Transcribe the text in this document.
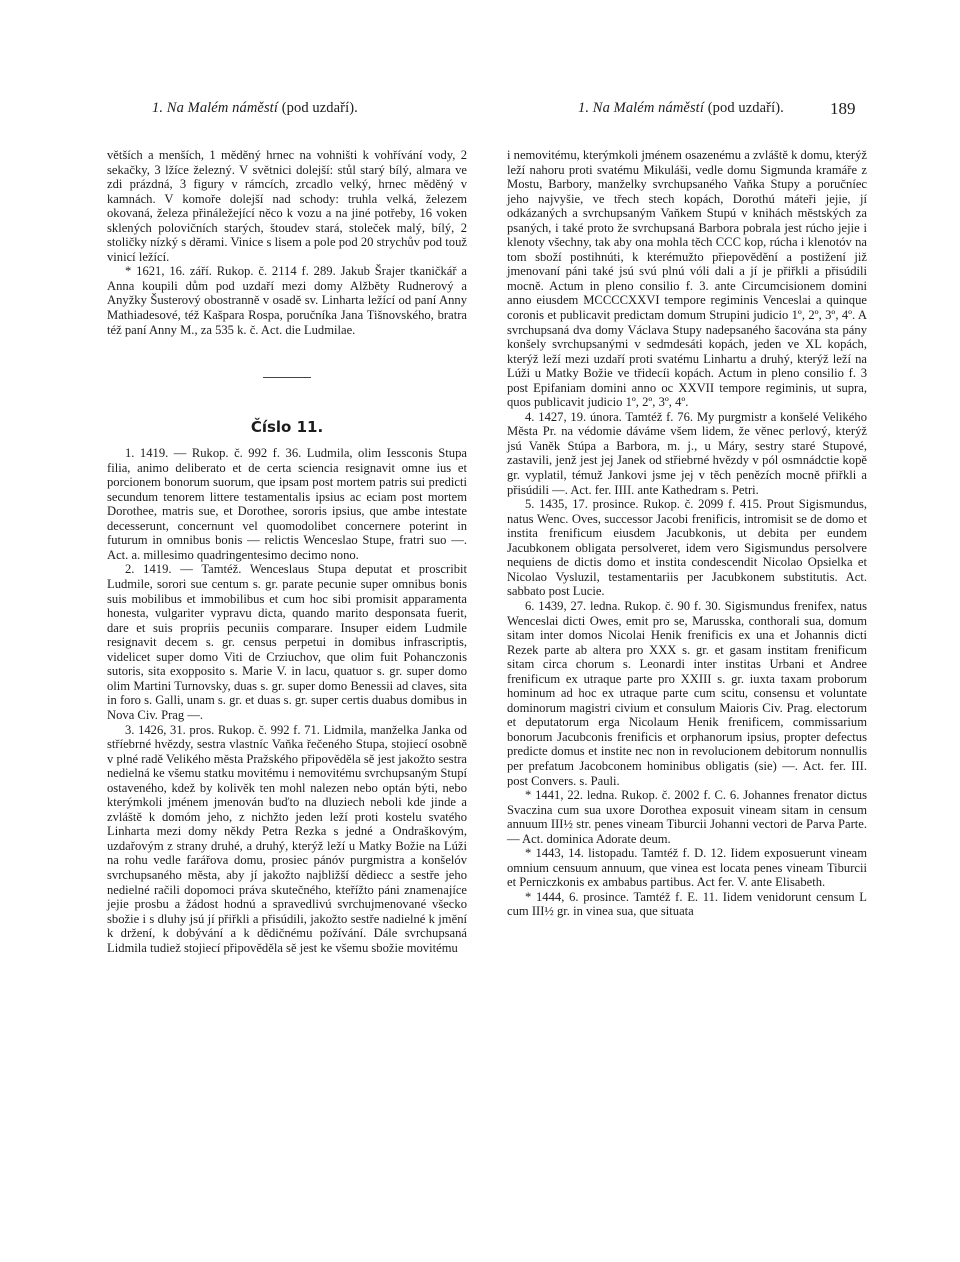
1. Na Malém náměstí (pod uzdaří).	1. Na Malém náměstí (pod uzdaří).	189

větších a menších, 1 měděný hrnec na vohništi k vohřívání vody, 2 sekačky, 3 lžíce železný. V světnici dolejší: stůl starý bílý, almara ve zdi prázdná, 3 figury v rámcích, zrcadlo velký, hrnec měděný v kamnách. V komoře dolejší nad schody: truhla velká, železem okovaná, železa přináležející něco k vozu a na jiné potřeby, 16 voken sklených polovičních starých, štoudev stará, stoleček malý, bílý, 2 stoličky nízký s děrami. Vinice s lisem a pole pod 20 strychův pod touž vinicí ležící.

* 1621, 16. září. Rukop. č. 2114 f. 289. Jakub Šrajer tkaničkář a Anna koupili dům pod uzdaří mezi domy Alžběty Rudnerový a Anyžky Šusterový obostranně v osadě sv. Linharta ležící od paní Anny Mathiadesové, též Kašpara Rospa, poručníka Jana Tišnovského, bratra též paní Anny M., za 535 k. č. Act. die Ludmilae.

Číslo 11.

1. 1419. — Rukop. č. 992 f. 36. Ludmila, olim Iessconis Stupa filia, animo deliberato et de certa sciencia resignavit omne ius et porcionem bonorum suorum, que ipsam post mortem patris sui predicti secundum tenorem littere testamentalis ipsius ac eciam post mortem Dorothee, matris sue, et Dorothee, sororis ipsius, que ambe intestate decesserunt, concernunt vel quomodolibet concernere poterint in futurum in omnibus bonis — relictis Wenceslao Stupe, fratri suo —. Act. a. millesimo quadringentesimo decimo nono.

2. 1419. — Tamtéž. Wenceslaus Stupa deputat et proscribit Ludmile, sorori sue centum s. gr. parate pecunie super omnibus bonis suis mobilibus et immobilibus et cum hoc sibi promisit apparamenta honesta, vulgariter vypravu dicta, quando marito desponsata fuerit, dare et suis propriis pecuniis comparare. Insuper eidem Ludmile resignavit decem s. gr. census perpetui in domibus infrascriptis, videlicet super domo Viti de Crziuchov, que olim fuit Pohanczonis sutoris, sita exopposito s. Marie V. in lacu, quatuor s. gr. super domo olim Martini Turnovsky, duas s. gr. super domo Benessii ad claves, sita in foro s. Galli, unam s. gr. et duas s. gr. super certis duabus domibus in Nova Civ. Prag —.

3. 1426, 31. pros. Rukop. č. 992 f. 71. Lidmila, manželka Janka od stříebrné hvězdy, sestra vlastníc Vaňka řečeného Stupa, stojiecí osobně v plné radě Velikého města Pražského připověděla sě jest jakožto sestra nedielná ke všemu statku movitému i nemovitému svrchupsaným Stupí ostaveného, kdež by kolivěk ten mohl nalezen nebo optán býti, nebo kterýmkoli jménem jmenován buďto na dluziech neboli kde jinde a zvláště k domóm jeho, z nichžto jeden leží proti kostelu svatého Linharta mezi domy někdy Petra Rezka s jedné a Ondraškovým, uzdařovým z strany druhé, a druhý, kterýž leží u Matky Božie na Lúži na rohu vedle farářova domu, prosiec pánóv purgmistra a konšelóv svrchupsaného města, aby jí jakožto najbližší dědiecc a sestře jeho nedielné račili dopomoci práva skutečného, kteřížto páni znamenajíce jejie prosbu a žádost hodnú a spravedlivú svrchujmenované všecko sbožie i s dluhy jsú jí přiřkli a přisúdili, jakožto sestře nadielné k jmění k držení, k dobývání a k dědičnému požívání. Dále svrchupsaná Lidmila tudiež stojiecí připověděla sě jest ke všemu sbožie movitému

i nemovitému, kterýmkoli jménem osazenému a zvláště k domu, kterýž leží nahoru proti svatému Mikuláši, vedle domu Sigmunda kramáře z Mostu, Barbory, manželky svrchupsaného Vaňka Stupy a poručníec jeho najvyšie, ve třech stech kopách, Dorothú máteři jejie, jí odkázaných a svrchupsaným Vaňkem Stupú v knihách městských za psaných, i také proto že svrchupsaná Barbora pobrala jest rúcho jejie i klenoty všechny, tak aby ona mohla těch CCC kop, rúcha i klenotóv na tom sboží postihnúti, k kterémužto přiepovědění a postižení již jmenovaní páni také jsú svú plnú vóli dali a jí je přiřkli a přisúdili mocně. Actum in pleno consilio f. 3. ante Circumcisionem domini anno eiusdem MCCCCXXVI tempore regiminis Venceslai a quinque coronis et publicavit predictam domum Strupini judicio 1º, 2º, 3º, 4º. A svrchupsaná dva domy Václava Stupy nadepsaného šacována sta pány konšely svrchupsanými v sedmdesáti kopách, jeden ve XL kopách, kterýž leží mezi uzdaří proti svatému Linhartu a druhý, kterýž leží na Lúži u Matky Božie ve třidecíi kopách. Actum in pleno consilio f. 3 post Epifaniam domini anno oc XXVII tempore regiminis, ut supra, quos publicavit judicio 1º, 2º, 3º, 4º.

4. 1427, 19. února. Tamtéž f. 76. My purgmistr a konšelé Velikého Města Pr. na védomie dáváme všem lidem, že věnec perlový, kterýž jsú Vaněk Stúpa a Barbora, m. j., u Máry, sestry staré Stupové, zastavili, jenž jest jej Janek od střiebrné hvězdy v pól osmnádctie kopě gr. vyplatil, témuž Jankovi jsme jej v těch penězích mocně přiřkli a přisúdili —. Act. fer. IIII. ante Kathedram s. Petri.

5. 1435, 17. prosince. Rukop. č. 2099 f. 415. Prout Sigismundus, natus Wenc. Oves, successor Jacobi frenificis, intromisit se de domo et instita frenificum eiusdem Jacubkonis, ut debita per eundem Jacubkonem obligata persolveret, idem vero Sigismundus persolvere nequiens de dictis domo et instita condescendit Nicolao Opsielka et Nicolao Vysluzil, testamentariis per Jacubkonem substitutis. Act. sabbato post Lucie.

6. 1439, 27. ledna. Rukop. č. 90 f. 30. Sigismundus frenifex, natus Wenceslai dicti Owes, emit pro se, Marusska, conthorali sua, domum sitam inter domos Nicolai Henik frenificis ex una et Johannis dicti Rezek parte ab altera pro XXX s. gr. et gasam institam frenificum sitam circa chorum s. Leonardi inter institas Urbani et Andree frenificum ex utraque parte pro XXIII s. gr. iuxta taxam proborum hominum ad hoc ex utraque parte cum scitu, consensu et voluntate dominorum magistri civium et consulum Maioris Civ. Prag. electorum et deputatorum erga Nicolaum Henik frenificem, commissarium bonorum Jacubconis frenificis et orphanorum ipsius, propter defectus predicte domus et institе nec non in revolucionem debitorum nonnullis per prefatum Jacobconem hominibus obligatis (sie) —. Act. fer. III. post Convers. s. Pauli.

* 1441, 22. ledna. Rukop. č. 2002 f. C. 6. Johannes frenator dictus Svaczina cum sua uxore Dorothea exposuit vineam sitam in censum annuum III½ str. penes vineam Tiburcii Johanni vectori de Parva Parte. — Act. dominica Adorate deum.

* 1443, 14. listopadu. Tamtéž f. D. 12. Iidem exposuerunt vineam omnium censuum annuum, que vinea est locata penes vineam Tiburcii et Perniczkonis ex ambabus partibus. Act fer. V. ante Elisabeth.

* 1444, 6. prosince. Tamtéž f. E. 11. Iidem venidorunt censum L cum III½ gr. in vinea sua, que situata
